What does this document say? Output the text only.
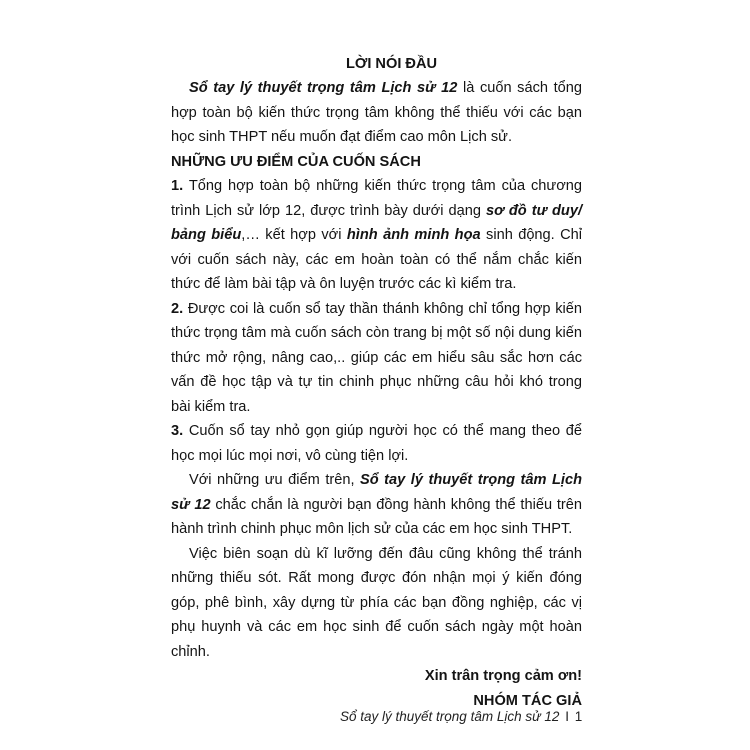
LỜI NÓI ĐẦU

Sổ tay lý thuyết trọng tâm Lịch sử 12 là cuốn sách tổng hợp toàn bộ kiến thức trọng tâm không thể thiếu với các bạn học sinh THPT nếu muốn đạt điểm cao môn Lịch sử.

NHỮNG ƯU ĐIỂM CỦA CUỐN SÁCH

1. Tổng hợp toàn bộ những kiến thức trọng tâm của chương trình Lịch sử lớp 12, được trình bày dưới dạng sơ đồ tư duy/ bảng biểu,… kết hợp với hình ảnh minh họa sinh động. Chỉ với cuốn sách này, các em hoàn toàn có thể nắm chắc kiến thức để làm bài tập và ôn luyện trước các kì kiểm tra.

2. Được coi là cuốn sổ tay thần thánh không chỉ tổng hợp kiến thức trọng tâm mà cuốn sách còn trang bị một số nội dung kiến thức mở rộng, nâng cao,.. giúp các em hiểu sâu sắc hơn các vấn đề học tập và tự tin chinh phục những câu hỏi khó trong bài kiểm tra.

3. Cuốn sổ tay nhỏ gọn giúp người học có thể mang theo để học mọi lúc mọi nơi, vô cùng tiện lợi.

Với những ưu điểm trên, Sổ tay lý thuyết trọng tâm Lịch sử 12 chắc chắn là người bạn đồng hành không thể thiếu trên hành trình chinh phục môn lịch sử của các em học sinh THPT.

Việc biên soạn dù kĩ lưỡng đến đâu cũng không thể tránh những thiếu sót. Rất mong được đón nhận mọi ý kiến đóng góp, phê bình, xây dựng từ phía các bạn đồng nghiệp, các vị phụ huynh và các em học sinh để cuốn sách ngày một hoàn chỉnh.

Xin trân trọng cảm ơn!

NHÓM TÁC GIẢ

Sổ tay lý thuyết trọng tâm Lịch sử 12 I 1
